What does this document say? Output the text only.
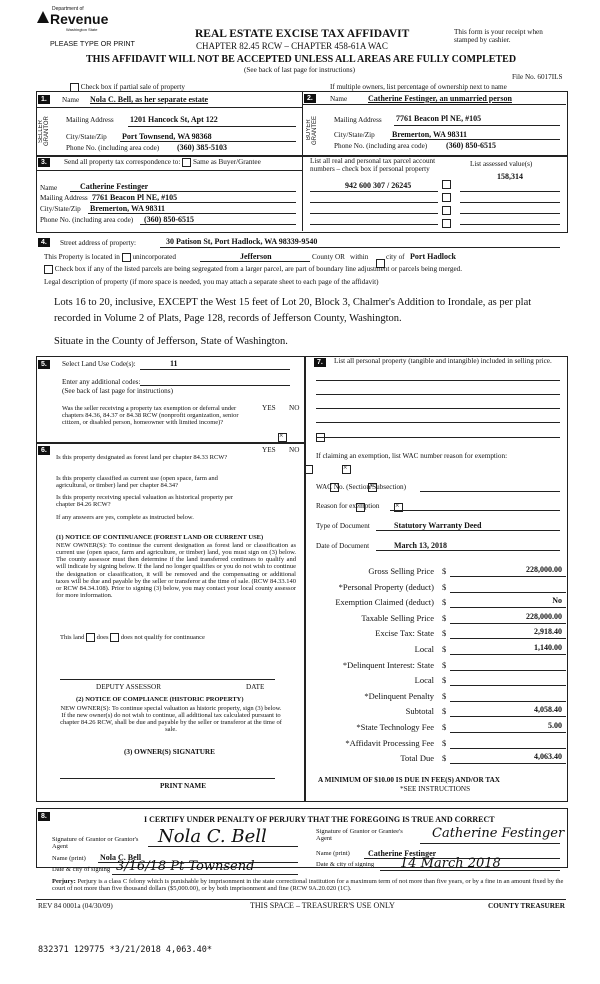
Department of
Revenue
Washington State
PLEASE TYPE OR PRINT
REAL ESTATE EXCISE TAX AFFIDAVIT
CHAPTER 82.45 RCW – CHAPTER 458-61A WAC
This form is your receipt when stamped by cashier.
THIS AFFIDAVIT WILL NOT BE ACCEPTED UNLESS ALL AREAS ARE FULLY COMPLETED
(See back of last page for instructions)
File No. 6017ILS
Check box if partial sale of property	If multiple owners, list percentage of ownership next to name
1.
SELLER GRANTOR
Name Nola C. Bell, as her separate estate
Mailing Address 1201 Hancock St, Apt 122
City/State/Zip Port Townsend, WA 98368
Phone No. (including area code) (360) 385-5103
2.
BUYER GRANTEE
Name	Catherine Festinger, an unmarried person
Mailing Address 7761 Beacon Pl NE, #105
City/State/Zip Bremerton, WA 98311
Phone No. (including area code) (360) 850-6515
3.	Send all property tax correspondence to: Same as Buyer/Grantee
Name	Catherine Festinger
Mailing Address 7761 Beacon Pl NE, #105
City/State/Zip Bremerton, WA 98311
Phone No. (including area code) (360) 850-6515
List all real and personal tax parcel account numbers – check box if personal property
List assessed value(s)
942 600 307 / 26245
158,314
4.	Street address of property:	30 Patison St, Port Hadlock, WA 98339-9540
This Property is located in unincorporated	Jefferson	County OR within
city of Port Hadlock
Check box if any of the listed parcels are being segregated from a larger parcel, are part of boundary line adjustment or parcels being merged.
Legal description of property (if more space is needed, you may attach a separate sheet to each page of the affidavit)
Lots 16 to 20, inclusive, EXCEPT the West 15 feet of Lot 20, Block 3, Chalmer's Addition to Irondale, as per plat recorded in Volume 2 of Plats, Page 128, records of Jefferson County, Washington.
Situate in the County of Jefferson, State of Washington.
5.	Select Land Use Code(s):	11
Enter any additional codes:
(See back of last page for instructions)
YES NO
Was the seller receiving a property tax exemption or deferral under chapters 84.36, 84.37 or 84.38 RCW (nonprofit organization, senior citizen, or disabled person, homeowner with limited income)?
×
6.	YES NO
Is this property designated as forest land per chapter 84.33 RCW?
×
Is this property classified as current use (open space, farm and agricultural, or timber) land per chapter 84.34?
×
Is this property receiving special valuation as historical property per chapter 84.26 RCW?
×
If any answers are yes, complete as instructed below.
(1) NOTICE OF CONTINUANCE (FOREST LAND OR CURRENT USE)
NEW OWNER(S): To continue the current designation as forest land or classification as current use (open space, farm and agriculture, or timber) land, you must sign on (3) below. The county assessor must then determine if the land transferred continues to qualify and will indicate by signing below. If the land no longer qualifies or you do not wish to continue the designation or classification, it will be removed and the compensating or additional taxes will be due and payable by the seller or transferor at the time of sale. (RCW 84.33.140 or RCW 84.34.108). Prior to signing (3) below, you may contact your local county assessor for more information.
This land does does not qualify for continuance
DEPUTY ASSESSOR	DATE
(2) NOTICE OF COMPLIANCE (HISTORIC PROPERTY)
NEW OWNER(S): To continue special valuation as historic property, sign (3) below. If the new owner(s) do not wish to continue, all additional tax calculated pursuant to chapter 84.26 RCW, shall be due and payable by the seller or transferor at the time of sale.
(3) OWNER(S) SIGNATURE
PRINT NAME
7.	List all personal property (tangible and intangible) included in selling price.
If claiming an exemption, list WAC number reason for exemption:
WAC No. (Section/Subsection)
Reason for exemption
Type of Document	Statutory Warranty Deed
Date of Document	March 13, 2018
Gross Selling Price $	228,000.00
*Personal Property (deduct) $
Exemption Claimed (deduct) $	No
Taxable Selling Price $	228,000.00
Excise Tax: State $	2,918.40
Local $	1,140.00
*Delinquent Interest: State $
Local $
*Delinquent Penalty $
Subtotal $	4,058.40
*State Technology Fee $	5.00
*Affidavit Processing Fee $
Total Due $	4,063.40
A MINIMUM OF $10.00 IS DUE IN FEE(S) AND/OR TAX
*SEE INSTRUCTIONS
8.	I CERTIFY UNDER PENALTY OF PERJURY THAT THE FOREGOING IS TRUE AND CORRECT
Signature of Grantor or Grantor's Agent	Nola C. Bell
Name (print) Nola C. Bell
Signature of Grantor or Grantee's Agent	Catherine Festinger
Name (print) Catherine Festinger
Date & city of signing 3/16/18 Pt Townsend	Date & city of signing 14 March 2018
Perjury: Perjury is a class C felony which is punishable by imprisonment in the state correctional institution for a maximum term of not more than five years, or by a fine in an amount fixed by the court of not more than five thousand dollars ($5,000.00), or by both imprisonment and fine (RCW 9A.20.020 (1C).
REV 84 0001a (04/30/09)	THIS SPACE – TREASURER'S USE ONLY	COUNTY TREASURER
832371 129775 *3/21/2018 4,063.40*
